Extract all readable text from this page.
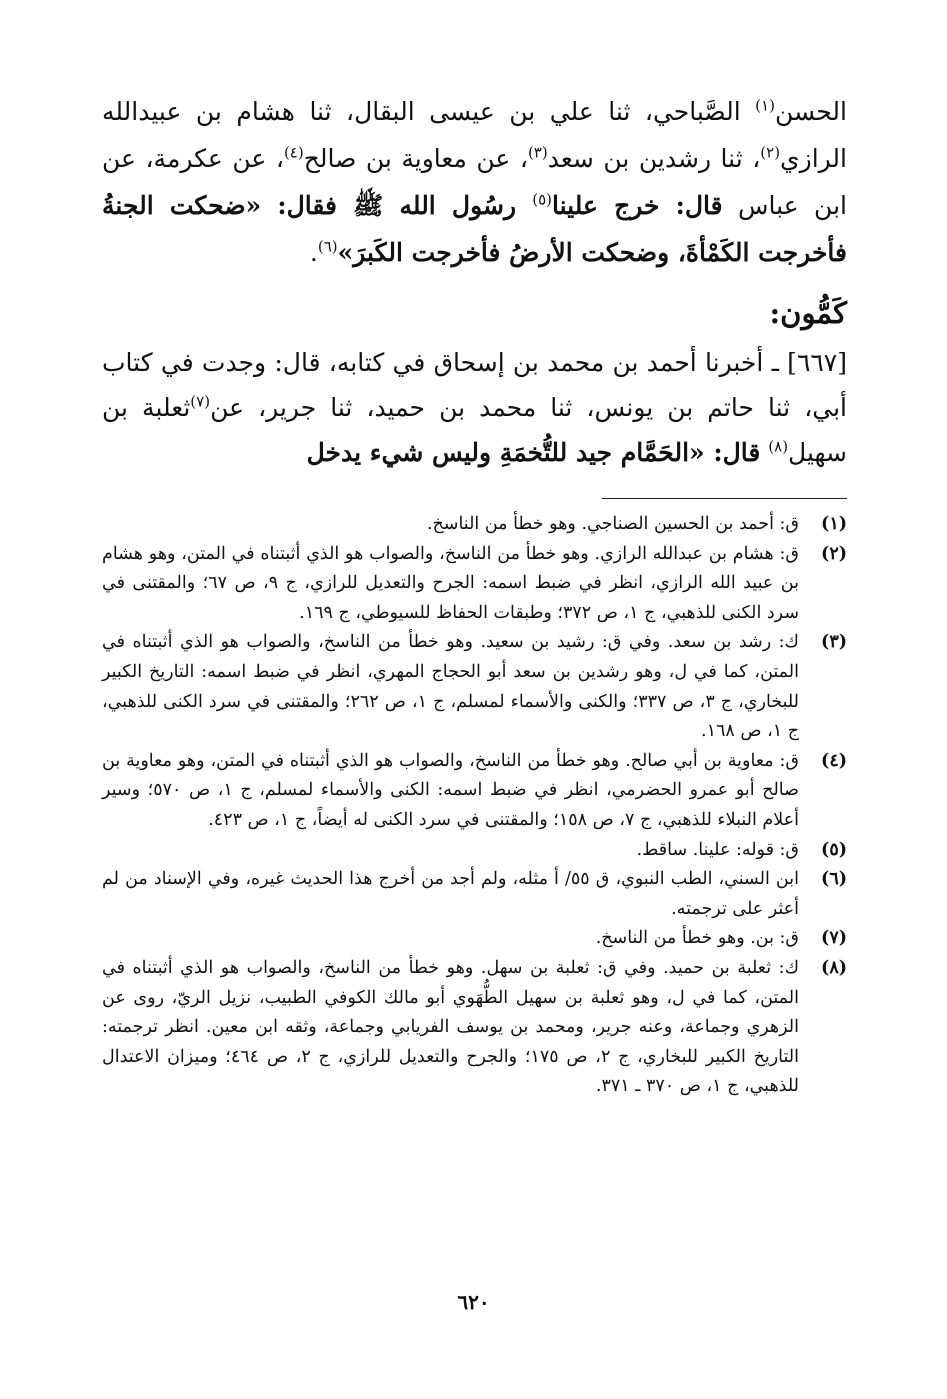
الحسن$^{(١)}$ الصَّباحي، ثنا علي بن عيسى البقال، ثنا هشام بن عبيدالله الرازي$^{(٢)}$، ثنا رشدين بن سعد$^{(٣)}$، عن معاوية بن صالح$^{(٤)}$، عن عكرمة، عن ابن عباس قال: خرج علينا$^{(٥)}$ رسُول الله ﷺ فقال: «ضحكت الجنةُ فأخرجت الكَمْأةَ، وضحكت الأرضُ فأخرجت الكَبرَ»$^{(٦)}$.

كَمُّون:

[٦٦٧] ـ أخبرنا أحمد بن محمد بن إسحاق في كتابه، قال: وجدت في كتاب أبي، ثنا حاتم بن يونس، ثنا محمد بن حميد، ثنا جرير، عن$^{(٧)}$ثعلبة بن سهيل$^{(٨)}$ قال: «الحَمَّام جيد للتُّخمَةِ وليس شيء يدخل

(١)
ق: أحمد بن الحسين الصناجي. وهو خطأ من الناسخ.
(٢)
ق: هشام بن عبدالله الرازي. وهو خطأ من الناسخ، والصواب هو الذي أثبتناه في المتن، وهو هشام بن عبيد الله الرازي، انظر في ضبط اسمه: الجرح والتعديل للرازي، ج ٩، ص ٦٧؛ والمقتنى في سرد الكنى للذهبي، ج ١، ص ٣٧٢؛ وطبقات الحفاظ للسيوطي، ج ١٦٩.
(٣)
ك: رشد بن سعد. وفي ق: رشيد بن سعيد. وهو خطأ من الناسخ، والصواب هو الذي أثبتناه في المتن، كما في ل، وهو رشدين بن سعد أبو الحجاج المهري، انظر في ضبط اسمه: التاريخ الكبير للبخاري، ج ٣، ص ٣٣٧؛ والكنى والأسماء لمسلم، ج ١، ص ٢٦٢؛ والمقتنى في سرد الكنى للذهبي، ج ١، ص ١٦٨.
(٤)
ق: معاوية بن أبي صالح. وهو خطأ من الناسخ، والصواب هو الذي أثبتناه في المتن، وهو معاوية بن صالح أبو عمرو الحضرمي، انظر في ضبط اسمه: الكنى والأسماء لمسلم، ج ١، ص ٥٧٠؛ وسير أعلام النبلاء للذهبي، ج ٧، ص ١٥٨؛ والمقتنى في سرد الكنى له أيضاً، ج ١، ص ٤٢٣.
(٥)
ق: قوله: علينا. ساقط.
(٦)
ابن السني، الطب النبوي، ق ٥٥/ أ مثله، ولم أجد من أخرج هذا الحديث غيره، وفي الإسناد من لم أعثر على ترجمته.
(٧)
ق: بن. وهو خطأ من الناسخ.
(٨)
ك: ثعلبة بن حميد. وفي ق: ثعلبة بن سهل. وهو خطأ من الناسخ، والصواب هو الذي أثبتناه في المتن، كما في ل، وهو ثعلبة بن سهيل الطُّهَوي أبو مالك الكوفي الطبيب، نزيل الريّ، روى عن الزهري وجماعة، وعنه جرير، ومحمد بن يوسف الفريابي وجماعة، وثقه ابن معين. انظر ترجمته: التاريخ الكبير للبخاري، ج ٢، ص ١٧٥؛ والجرح والتعديل للرازي، ج ٢، ص ٤٦٤؛ وميزان الاعتدال للذهبي، ج ١، ص ٣٧٠ ـ ٣٧١.
٦٢٠
